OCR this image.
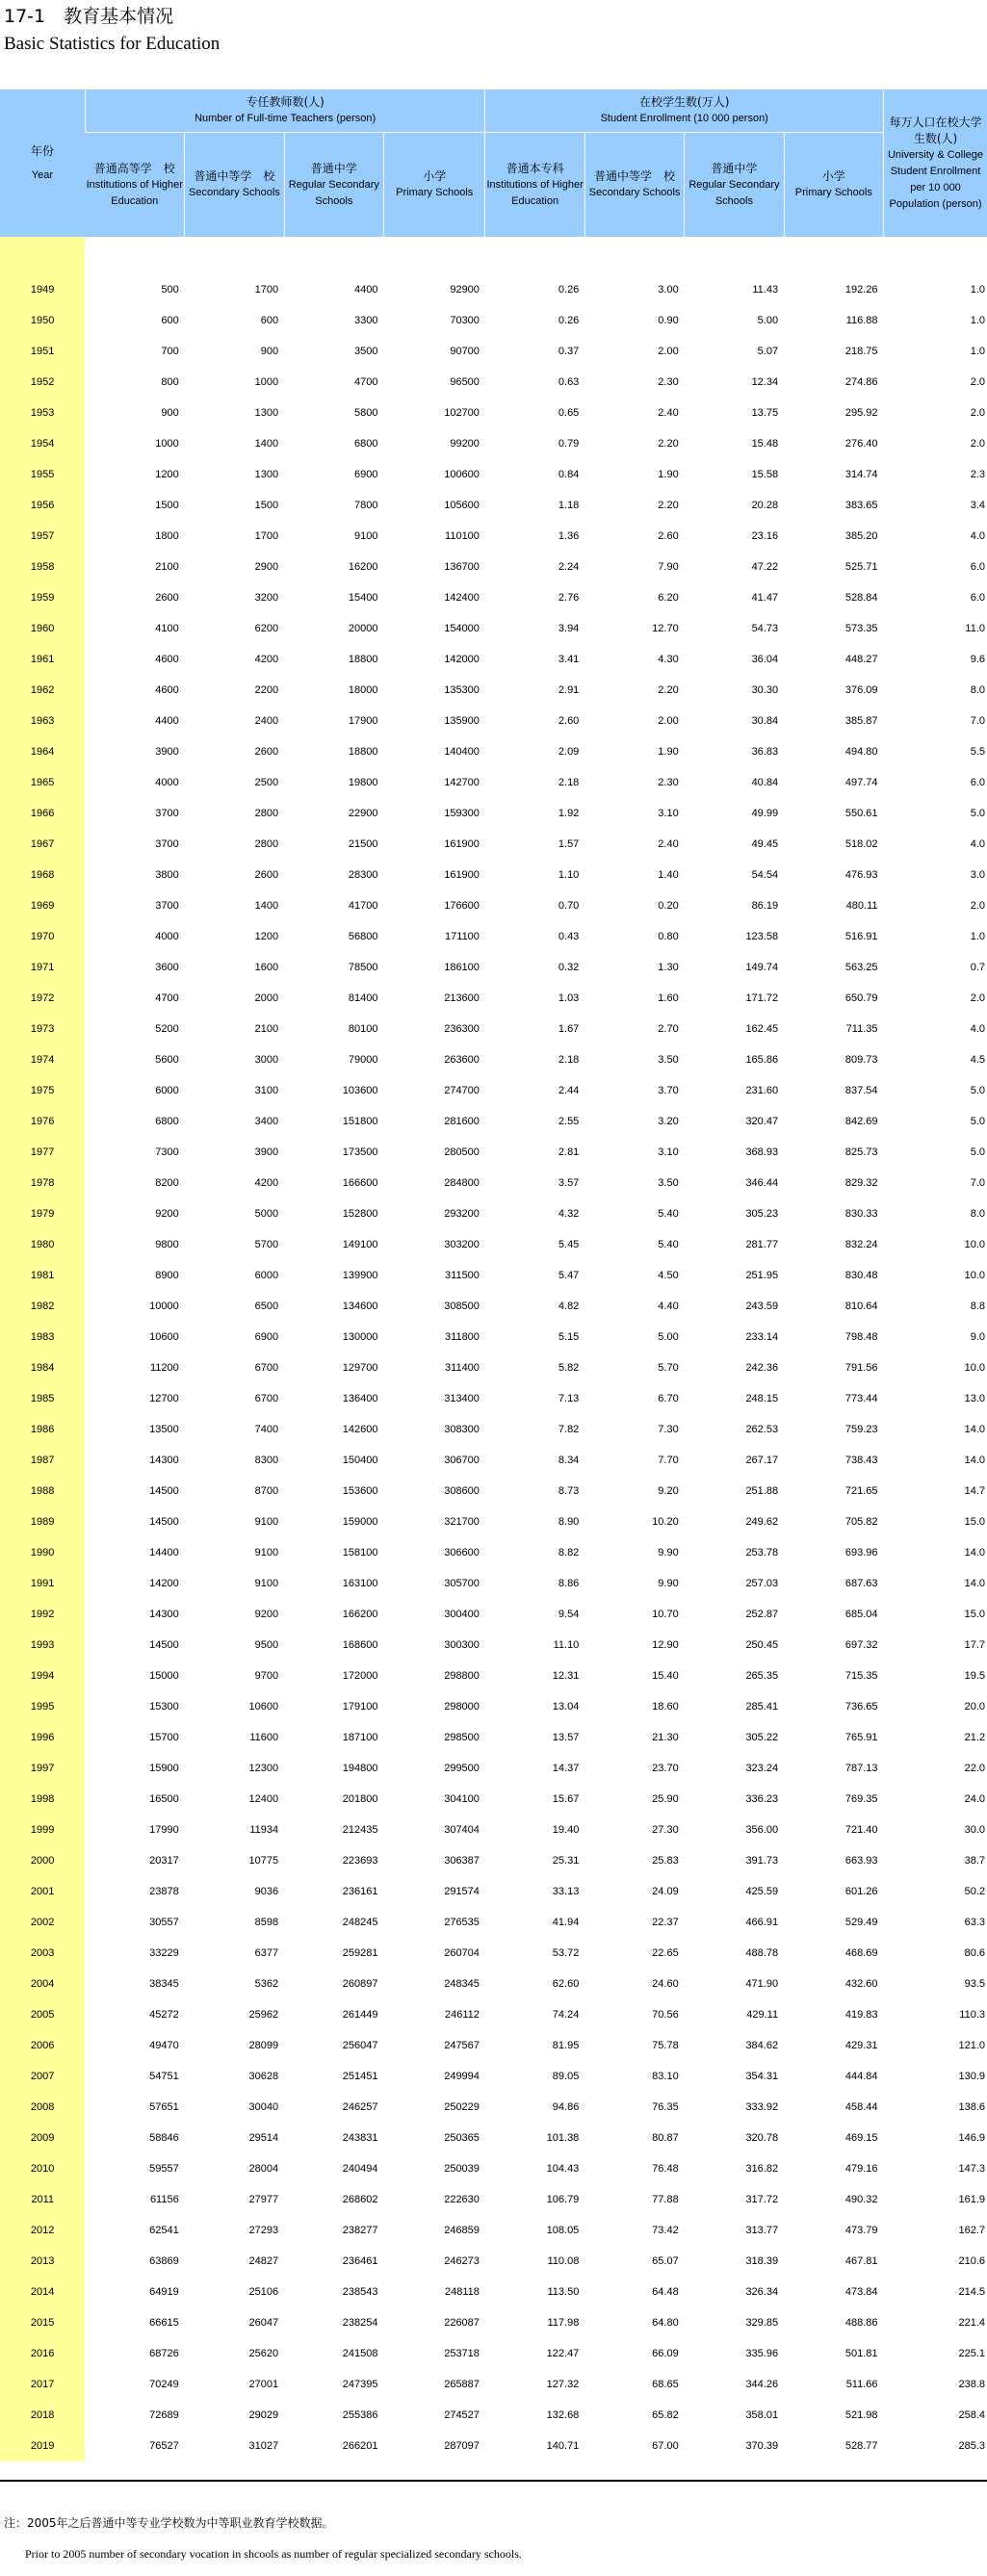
17-1　教育基本情况
Basic Statistics for Education
年份
Year	专任教师数(人)
Number of Full-time Teachers (person)				在校学生数(万人)
Student Enrollment (10 000 person)				每万人口在校大学生数(人)
University & College Student Enrollment per 10 000 Population (person)

	普通高等学　校
Institutions of Higher Education	普通中等学　校
Secondary Schools	普通中学
Regular Secondary Schools	小学
Primary Schools	普通本专科
Institutions of Higher Education	普通中等学　校
Secondary Schools	普通中学
Regular Secondary Schools	小学
Primary Schools	

1949	500	1700	4400	92900	0.26	3.00	11.43	192.26	1.0
1950	600	600	3300	70300	0.26	0.90	5.00	116.88	1.0
1951	700	900	3500	90700	0.37	2.00	5.07	218.75	1.0
1952	800	1000	4700	96500	0.63	2.30	12.34	274.86	2.0
1953	900	1300	5800	102700	0.65	2.40	13.75	295.92	2.0
1954	1000	1400	6800	99200	0.79	2.20	15.48	276.40	2.0
1955	1200	1300	6900	100600	0.84	1.90	15.58	314.74	2.3
1956	1500	1500	7800	105600	1.18	2.20	20.28	383.65	3.4
1957	1800	1700	9100	110100	1.36	2.60	23.16	385.20	4.0
1958	2100	2900	16200	136700	2.24	7.90	47.22	525.71	6.0
1959	2600	3200	15400	142400	2.76	6.20	41.47	528.84	6.0
1960	4100	6200	20000	154000	3.94	12.70	54.73	573.35	11.0
1961	4600	4200	18800	142000	3.41	4.30	36.04	448.27	9.6
1962	4600	2200	18000	135300	2.91	2.20	30.30	376.09	8.0
1963	4400	2400	17900	135900	2.60	2.00	30.84	385.87	7.0
1964	3900	2600	18800	140400	2.09	1.90	36.83	494.80	5.5
1965	4000	2500	19800	142700	2.18	2.30	40.84	497.74	6.0
1966	3700	2800	22900	159300	1.92	3.10	49.99	550.61	5.0
1967	3700	2800	21500	161900	1.57	2.40	49.45	518.02	4.0
1968	3800	2600	28300	161900	1.10	1.40	54.54	476.93	3.0
1969	3700	1400	41700	176600	0.70	0.20	86.19	480.11	2.0
1970	4000	1200	56800	171100	0.43	0.80	123.58	516.91	1.0
1971	3600	1600	78500	186100	0.32	1.30	149.74	563.25	0.7
1972	4700	2000	81400	213600	1.03	1.60	171.72	650.79	2.0
1973	5200	2100	80100	236300	1.67	2.70	162.45	711.35	4.0
1974	5600	3000	79000	263600	2.18	3.50	165.86	809.73	4.5
1975	6000	3100	103600	274700	2.44	3.70	231.60	837.54	5.0
1976	6800	3400	151800	281600	2.55	3.20	320.47	842.69	5.0
1977	7300	3900	173500	280500	2.81	3.10	368.93	825.73	5.0
1978	8200	4200	166600	284800	3.57	3.50	346.44	829.32	7.0
1979	9200	5000	152800	293200	4.32	5.40	305.23	830.33	8.0
1980	9800	5700	149100	303200	5.45	5.40	281.77	832.24	10.0
1981	8900	6000	139900	311500	5.47	4.50	251.95	830.48	10.0
1982	10000	6500	134600	308500	4.82	4.40	243.59	810.64	8.8
1983	10600	6900	130000	311800	5.15	5.00	233.14	798.48	9.0
1984	11200	6700	129700	311400	5.82	5.70	242.36	791.56	10.0
1985	12700	6700	136400	313400	7.13	6.70	248.15	773.44	13.0
1986	13500	7400	142600	308300	7.82	7.30	262.53	759.23	14.0
1987	14300	8300	150400	306700	8.34	7.70	267.17	738.43	14.0
1988	14500	8700	153600	308600	8.73	9.20	251.88	721.65	14.7
1989	14500	9100	159000	321700	8.90	10.20	249.62	705.82	15.0
1990	14400	9100	158100	306600	8.82	9.90	253.78	693.96	14.0
1991	14200	9100	163100	305700	8.86	9.90	257.03	687.63	14.0
1992	14300	9200	166200	300400	9.54	10.70	252.87	685.04	15.0
1993	14500	9500	168600	300300	11.10	12.90	250.45	697.32	17.7
1994	15000	9700	172000	298800	12.31	15.40	265.35	715.35	19.5
1995	15300	10600	179100	298000	13.04	18.60	285.41	736.65	20.0
1996	15700	11600	187100	298500	13.57	21.30	305.22	765.91	21.2
1997	15900	12300	194800	299500	14.37	23.70	323.24	787.13	22.0
1998	16500	12400	201800	304100	15.67	25.90	336.23	769.35	24.0
1999	17990	11934	212435	307404	19.40	27.30	356.00	721.40	30.0
2000	20317	10775	223693	306387	25.31	25.83	391.73	663.93	38.7
2001	23878	9036	236161	291574	33.13	24.09	425.59	601.26	50.2
2002	30557	8598	248245	276535	41.94	22.37	466.91	529.49	63.3
2003	33229	6377	259281	260704	53.72	22.65	488.78	468.69	80.6
2004	38345	5362	260897	248345	62.60	24.60	471.90	432.60	93.5
2005	45272	25962	261449	246112	74.24	70.56	429.11	419.83	110.3
2006	49470	28099	256047	247567	81.95	75.78	384.62	429.31	121.0
2007	54751	30628	251451	249994	89.05	83.10	354.31	444.84	130.9
2008	57651	30040	246257	250229	94.86	76.35	333.92	458.44	138.6
2009	58846	29514	243831	250365	101.38	80.87	320.78	469.15	146.9
2010	59557	28004	240494	250039	104.43	76.48	316.82	479.16	147.3
2011	61156	27977	268602	222630	106.79	77.88	317.72	490.32	161.9
2012	62541	27293	238277	246859	108.05	73.42	313.77	473.79	162.7
2013	63869	24827	236461	246273	110.08	65.07	318.39	467.81	210.6
2014	64919	25106	238543	248118	113.50	64.48	326.34	473.84	214.5
2015	66615	26047	238254	226087	117.98	64.80	329.85	488.86	221.4
2016	68726	25620	241508	253718	122.47	66.09	335.96	501.81	225.1
2017	70249	27001	247395	265887	127.32	68.65	344.26	511.66	238.8
2018	72689	29029	255386	274527	132.68	65.82	358.01	521.98	258.4
2019	76527	31027	266201	287097	140.71	67.00	370.39	528.77	285.3
注：2005年之后普通中等专业学校数为中等职业教育学校数据。
Prior to 2005 number of secondary vocation in shcools as number of regular specialized secondary schools.
